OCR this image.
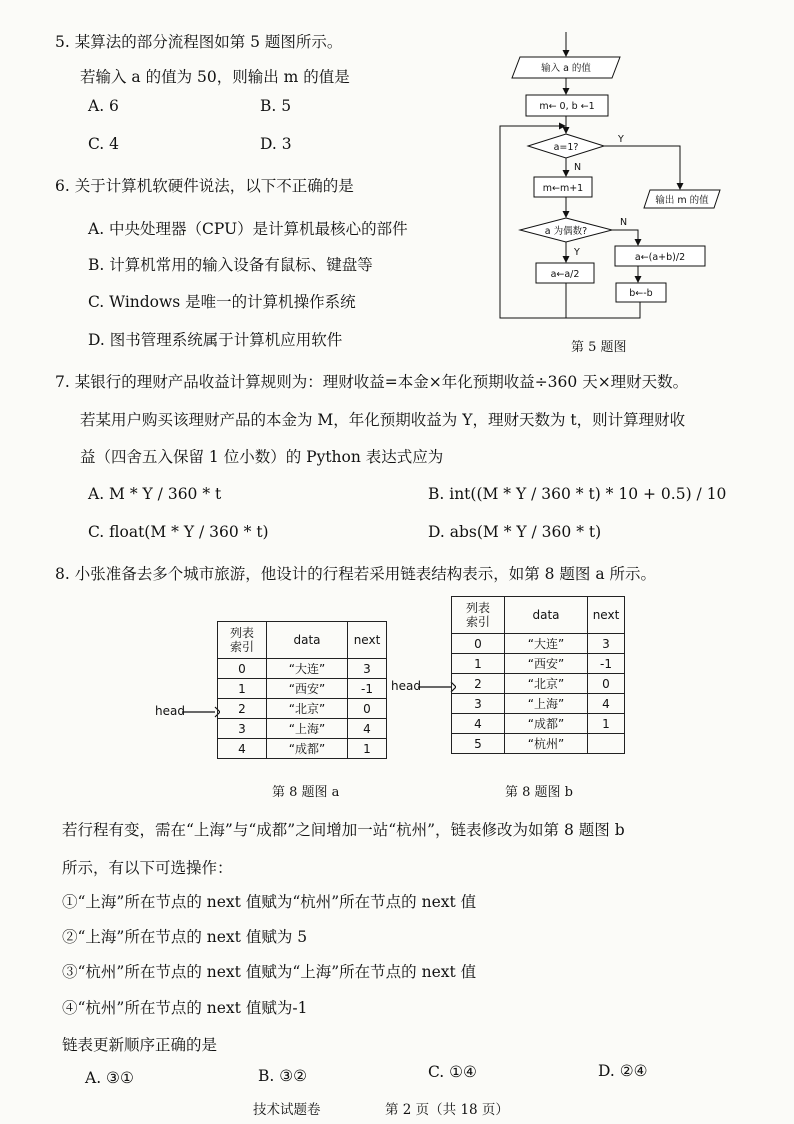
5. 某算法的部分流程图如第 5 题图所示。
若输入 a 的值为 50，则输出 m 的值是
A. 6	B. 5
C. 4	D. 3
输入 a 的值
m← 0, b ←1
a=1?
Y
N
m←m+1
输出 m 的值
a 为偶数?
Y
N
a←a/2
a←(a+b)/2
b←-b
第 5 题图
6. 关于计算机软硬件说法，以下不正确的是
A. 中央处理器（CPU）是计算机最核心的部件
B. 计算机常用的输入设备有鼠标、键盘等
C. Windows 是唯一的计算机操作系统
D. 图书管理系统属于计算机应用软件
7. 某银行的理财产品收益计算规则为：理财收益=本金×年化预期收益÷360 天×理财天数。
若某用户购买该理财产品的本金为 M，年化预期收益为 Y，理财天数为 t，则计算理财收
益（四舍五入保留 1 位小数）的 Python 表达式应为
A. M * Y / 360 * t	B. int((M * Y / 360 * t) * 10 + 0.5) / 10
C. float(M * Y / 360 * t)	D. abs(M * Y / 360 * t)
8. 小张准备去多个城市旅游，他设计的行程若采用链表结构表示，如第 8 题图 a 所示。
head
列表
索引	data	next
0	“大连”	3
1	“西安”	-1
2	“北京”	0
3	“上海”	4
4	“成都”	1
第 8 题图 a
head
列表
索引	data	next
0	“大连”	3
1	“西安”	-1
2	“北京”	0
3	“上海”	4
4	“成都”	1
5	“杭州”	
第 8 题图 b
若行程有变，需在“上海”与“成都”之间增加一站“杭州”，链表修改为如第 8 题图 b
所示，有以下可选操作：
①“上海”所在节点的 next 值赋为“杭州”所在节点的 next 值
②“上海”所在节点的 next 值赋为 5
③“杭州”所在节点的 next 值赋为“上海”所在节点的 next 值
④“杭州”所在节点的 next 值赋为-1
链表更新顺序正确的是
A. ③①	B. ③②	C. ①④	D. ②④
技术试题卷	第 2 页（共 18 页）
